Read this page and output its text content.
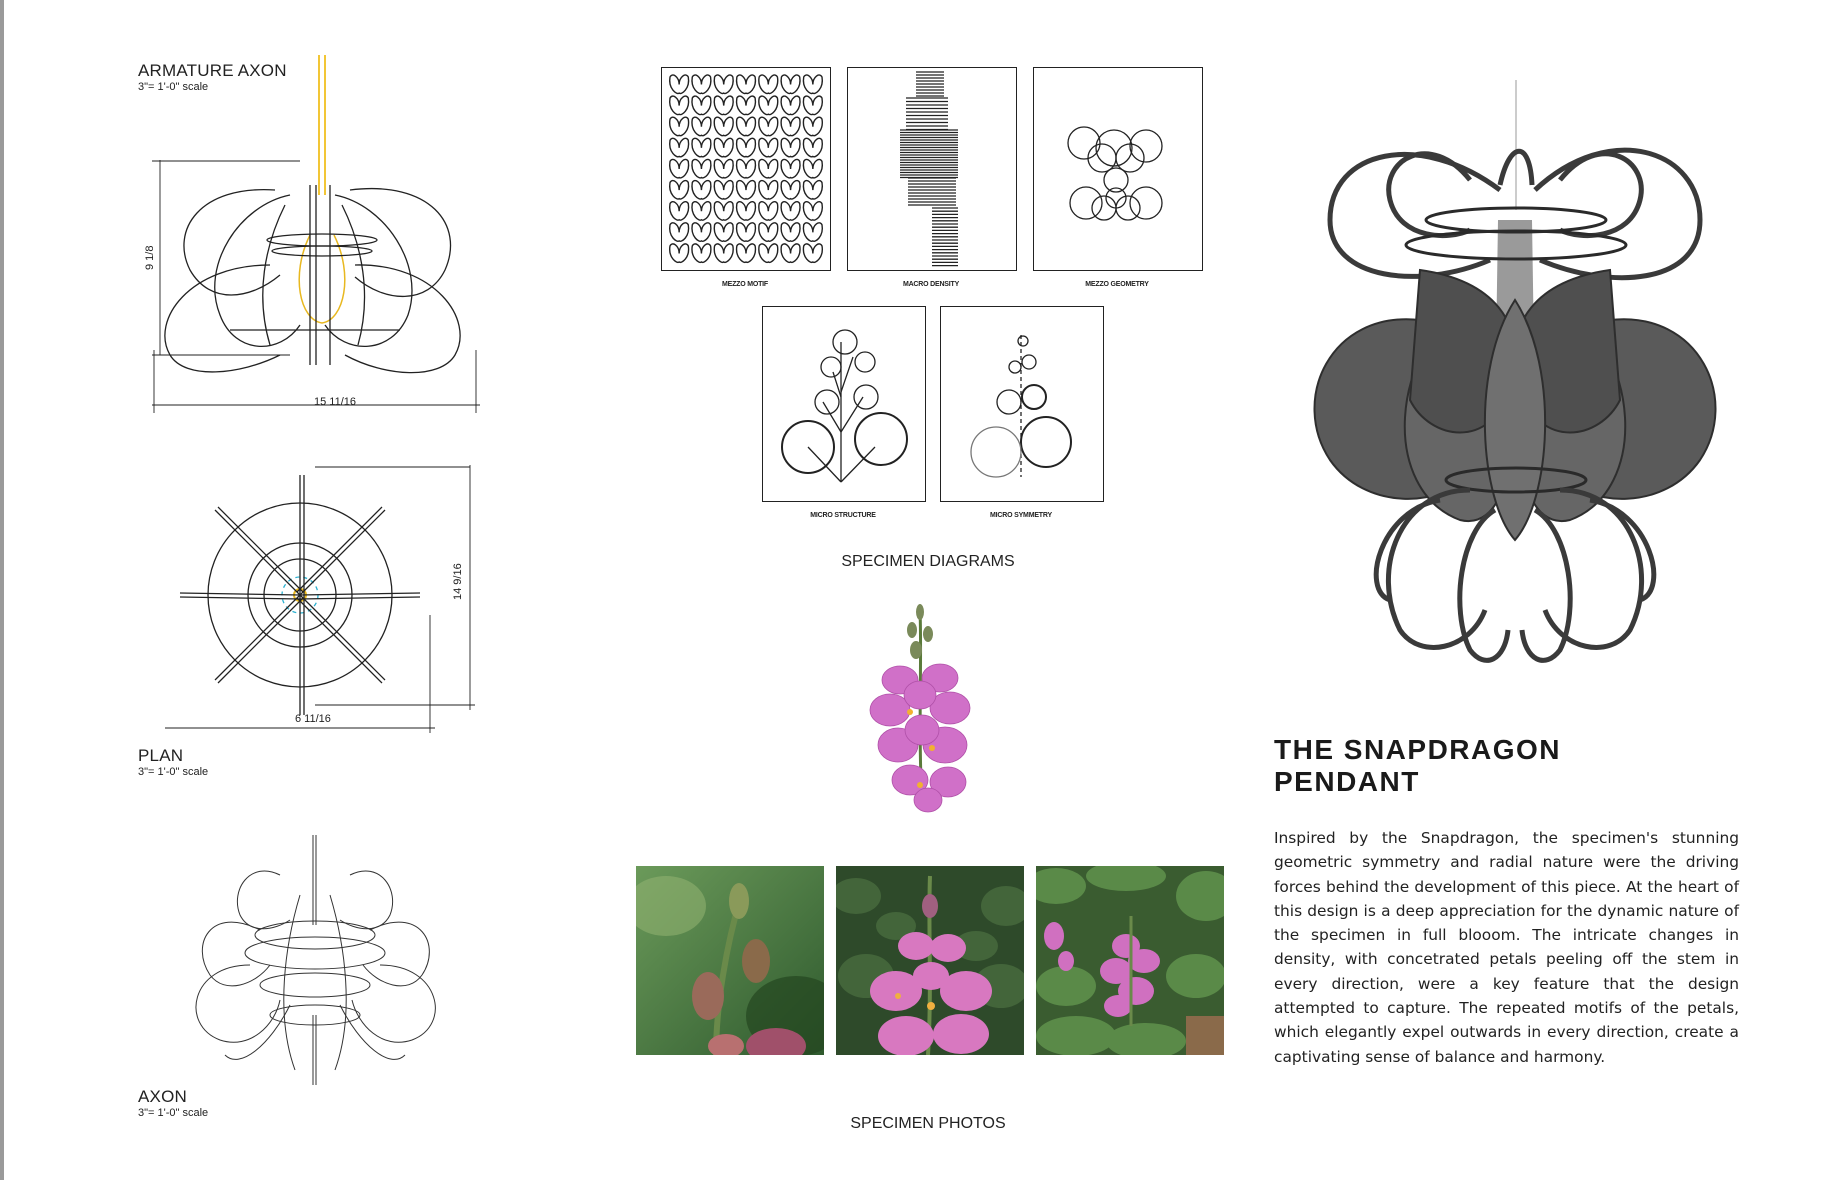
ARMATURE AXON
3"= 1'-0" scale
9 1/8
15 11/16
14 9/16
6 11/16
PLAN
3"= 1'-0" scale
AXON
3"= 1'-0" scale
MEZZO MOTIF	MACRO DENSITY	MEZZO GEOMETRY
MICRO STRUCTURE	MICRO SYMMETRY
SPECIMEN DIAGRAMS
SPECIMEN PHOTOS
THE SNAPDRAGON
PENDANT
Inspired by the Snapdragon, the specimen's stunning geometric symmetry and radial nature were the driving forces behind the development of this piece. At the heart of this design is a deep appreciation for the dynamic nature of the specimen in full blooom. The intricate changes in density, with concetrated petals peeling off the stem in every direction, were a key feature that the design attempted to capture. The repeated motifs of the petals, which elegantly expel outwards in every direction, create a captivating sense of balance and harmony.
